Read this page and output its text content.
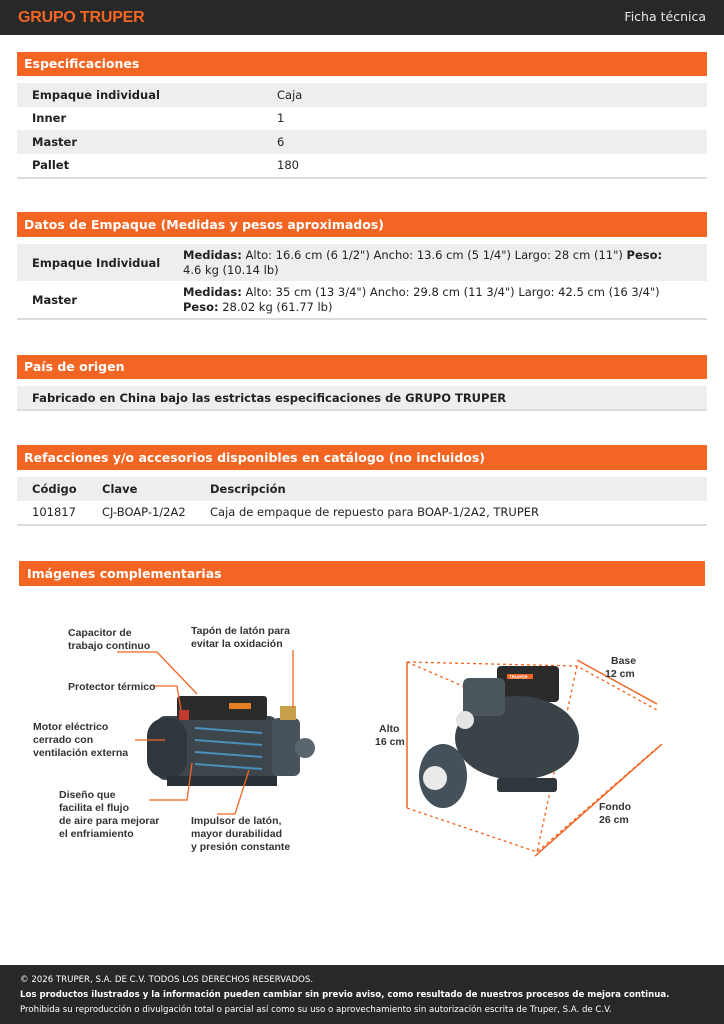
GRUPO TRUPER	Ficha técnica
Especificaciones
Empaque individual	Caja
Inner	1
Master	6
Pallet	180
Datos de Empaque (Medidas y pesos aproximados)
Empaque Individual	Medidas: Alto: 16.6 cm (6 1/2") Ancho: 13.6 cm (5 1/4") Largo: 28 cm (11") Peso: 4.6 kg (10.14 lb)
Master	Medidas: Alto: 35 cm (13 3/4") Ancho: 29.8 cm (11 3/4") Largo: 42.5 cm (16 3/4") Peso: 28.02 kg (61.77 lb)
País de origen
Fabricado en China bajo las estrictas especificaciones de GRUPO TRUPER
Refacciones y/o accesorios disponibles en catálogo (no incluidos)
Código	Clave	Descripción
101817	CJ-BOAP-1/2A2	Caja de empaque de repuesto para BOAP-1/2A2, TRUPER
Imágenes complementarias
Capacitor de trabajo continuo
Tapón de latón para evitar la oxidación
Protector térmico
Motor eléctrico cerrado con ventilación externa
Diseño que facilita el flujo de aire para mejorar el enfriamiento
Impulsor de latón, mayor durabilidad y presión constante
TRUPER
Base 12 cm
Alto 16 cm
Fondo 26 cm
© 2026 TRUPER, S.A. DE C.V. TODOS LOS DERECHOS RESERVADOS.
Los productos ilustrados y la información pueden cambiar sin previo aviso, como resultado de nuestros procesos de mejora continua.
Prohibida su reproducción o divulgación total o parcial así como su uso o aprovechamiento sin autorización escrita de Truper, S.A. de C.V.
